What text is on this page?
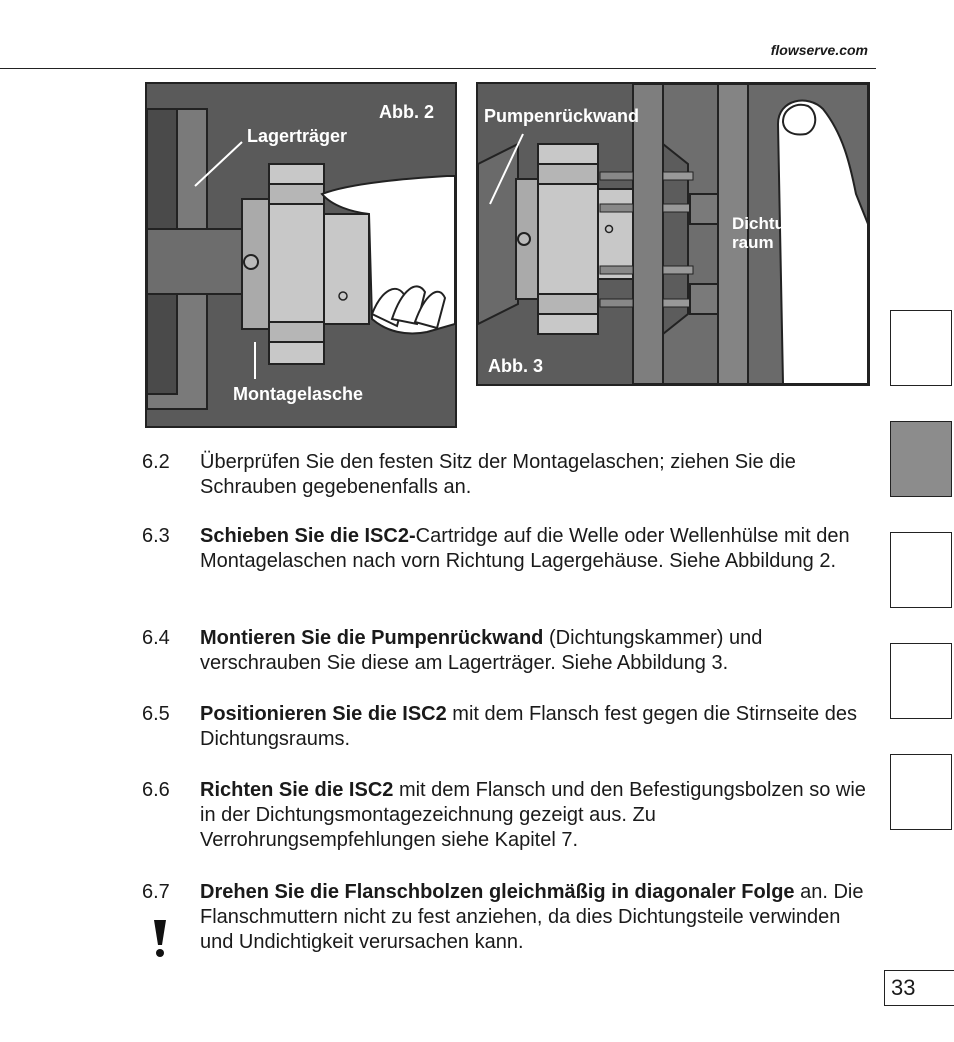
flowserve.com
Abb. 2
Lagerträger
Montagelasche
Pumpenrückwand
Abb. 3
Dichtungs-
raum
6.2	Überprüfen Sie den festen Sitz der Montagelaschen; ziehen Sie die Schrauben gegebenenfalls an.
6.3	Schieben Sie die ISC2-Cartridge auf die Welle oder Wellenhülse mit den Montagelaschen nach vorn Richtung Lagergehäuse. Siehe Abbildung 2.
6.4	Montieren Sie die Pumpenrückwand (Dichtungskammer) und verschrauben Sie diese am Lagerträger. Siehe Abbildung 3.
6.5	Positionieren Sie die ISC2 mit dem Flansch fest gegen die Stirnseite des Dichtungsraums.
6.6	Richten Sie die ISC2 mit dem Flansch und den Befestigungsbolzen so wie in der Dichtungsmontagezeichnung gezeigt aus. Zu Verrohrungsempfehlungen siehe Kapitel 7.
6.7	Drehen Sie die Flanschbolzen gleichmäßig in diagonaler Folge an. Die Flanschmuttern nicht zu fest anziehen, da dies Dichtungsteile verwinden und Undichtigkeit verursachen kann.
33
